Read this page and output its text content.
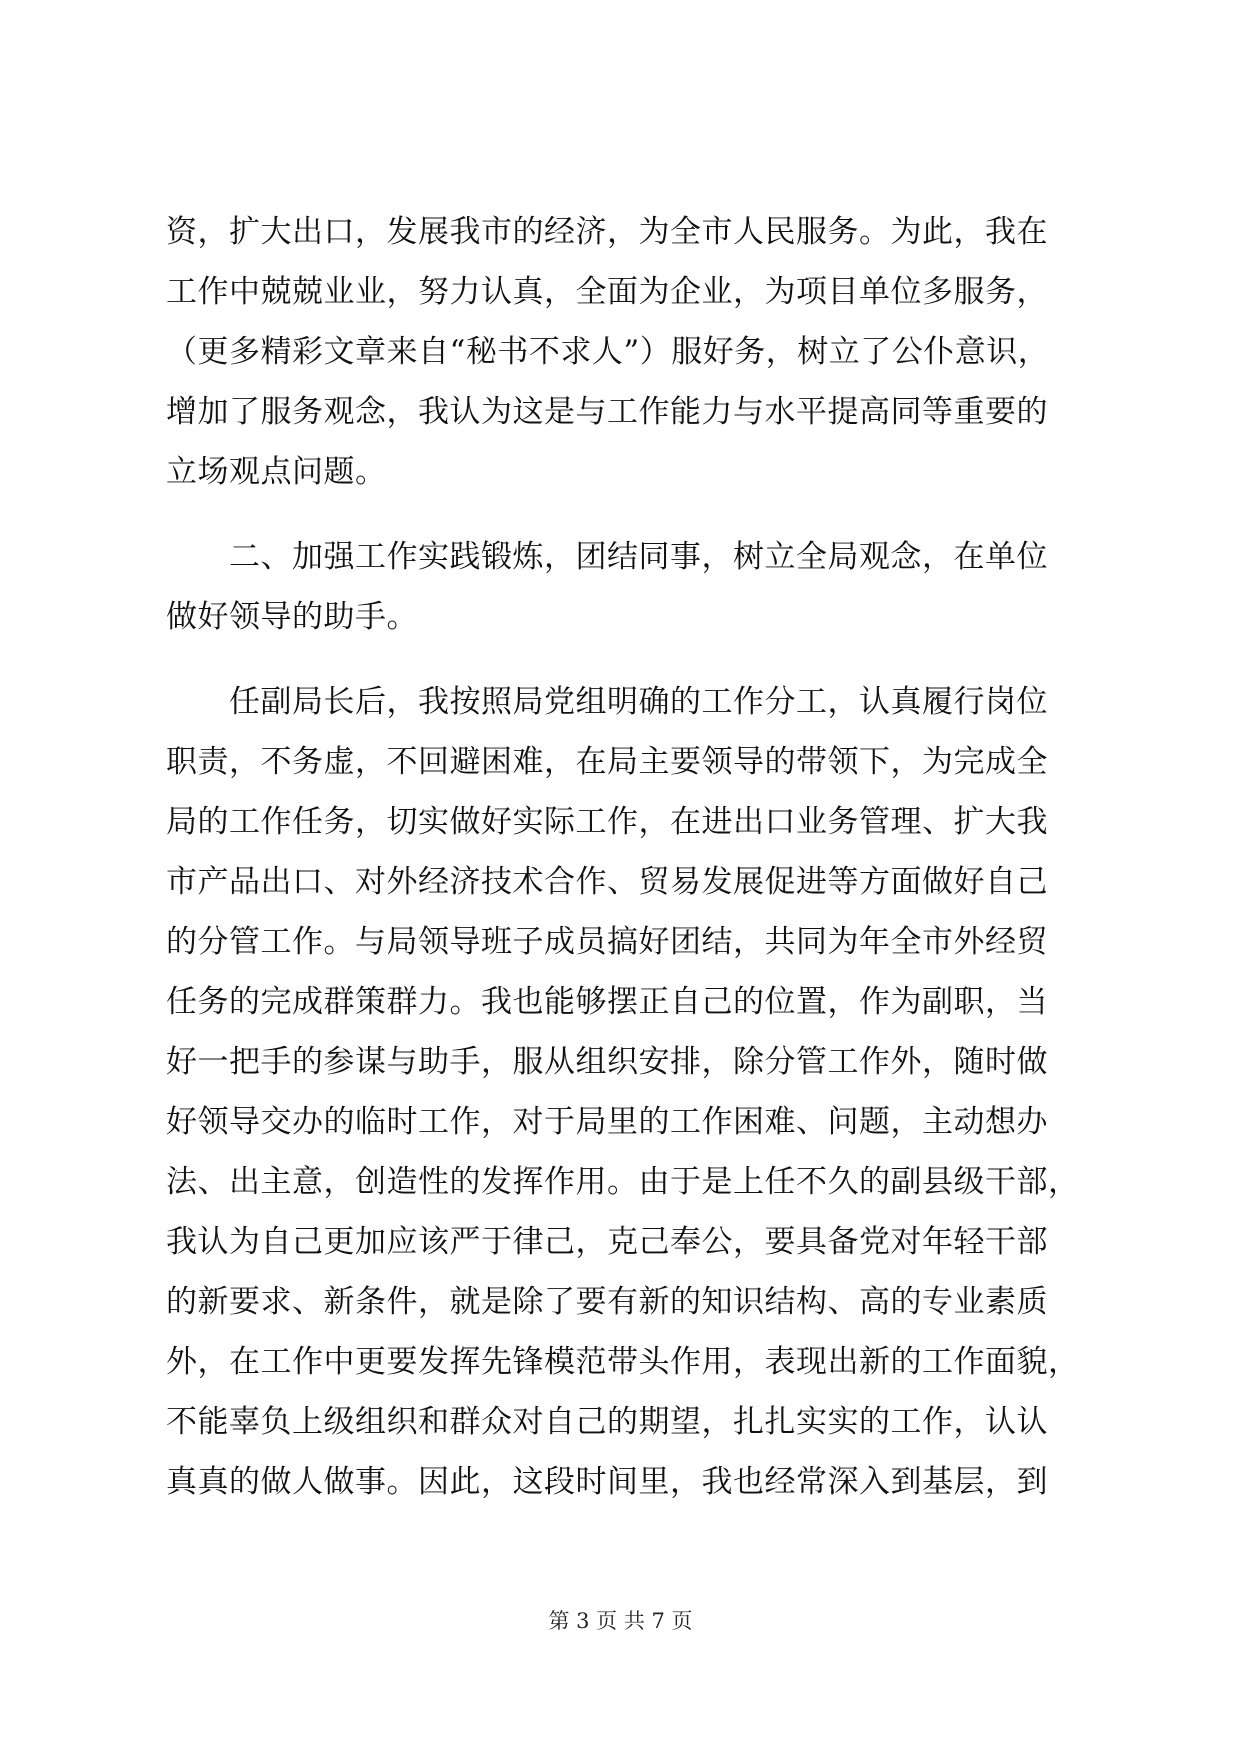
资，扩大出口，发展我市的经济，为全市人民服务。为此，我在
工作中兢兢业业，努力认真，全面为企业，为项目单位多服务，
（更多精彩文章来自“秘书不求人”）服好务，树立了公仆意识，
增加了服务观念，我认为这是与工作能力与水平提高同等重要的
立场观点问题。
　　二、加强工作实践锻炼，团结同事，树立全局观念，在单位
做好领导的助手。
　　任副局长后，我按照局党组明确的工作分工，认真履行岗位
职责，不务虚，不回避困难，在局主要领导的带领下，为完成全
局的工作任务，切实做好实际工作，在进出口业务管理、扩大我
市产品出口、对外经济技术合作、贸易发展促进等方面做好自己
的分管工作。与局领导班子成员搞好团结，共同为年全市外经贸
任务的完成群策群力。我也能够摆正自己的位置，作为副职，当
好一把手的参谋与助手，服从组织安排，除分管工作外，随时做
好领导交办的临时工作，对于局里的工作困难、问题，主动想办
法、出主意，创造性的发挥作用。由于是上任不久的副县级干部，
我认为自己更加应该严于律己，克己奉公，要具备党对年轻干部
的新要求、新条件，就是除了要有新的知识结构、高的专业素质
外，在工作中更要发挥先锋模范带头作用，表现出新的工作面貌，
不能辜负上级组织和群众对自己的期望，扎扎实实的工作，认认
真真的做人做事。因此，这段时间里，我也经常深入到基层，到
第 3 页 共 7 页
